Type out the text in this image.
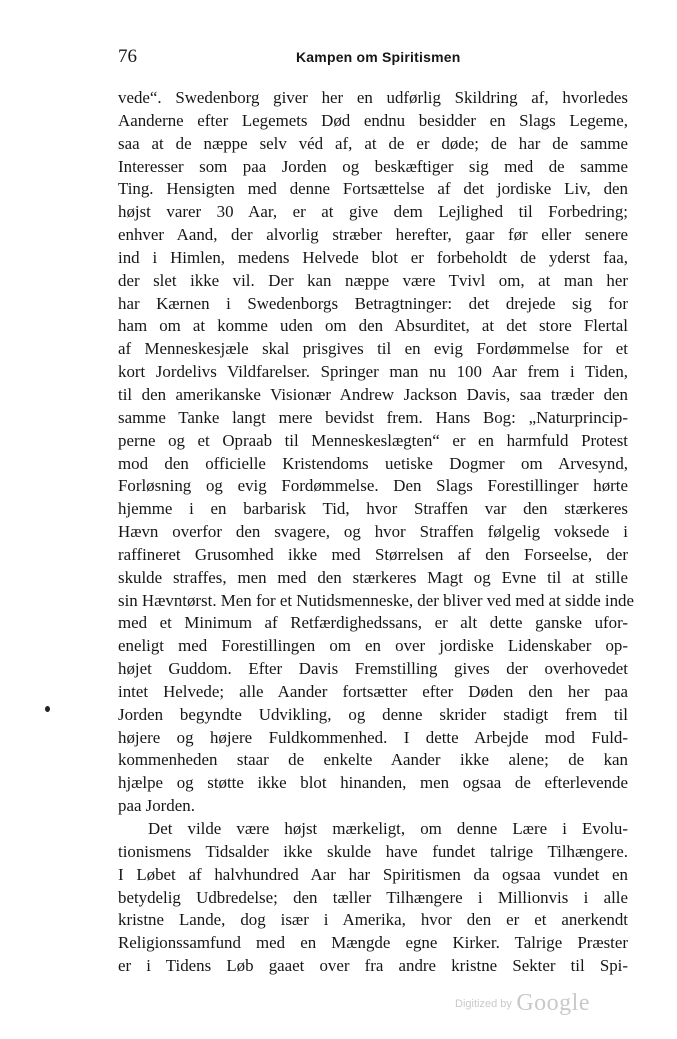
76	Kampen om Spiritismen
vede“. Swedenborg giver her en udførlig Skildring af, hvorledes
Aanderne efter Legemets Død endnu besidder en Slags Legeme,
saa at de næppe selv véd af, at de er døde; de har de samme
Interesser som paa Jorden og beskæftiger sig med de samme
Ting. Hensigten med denne Fortsættelse af det jordiske Liv, den
højst varer 30 Aar, er at give dem Lejlighed til Forbedring;
enhver Aand, der alvorlig stræber herefter, gaar før eller senere
ind i Himlen, medens Helvede blot er forbeholdt de yderst faa,
der slet ikke vil. Der kan næppe være Tvivl om, at man her
har Kærnen i Swedenborgs Betragtninger: det drejede sig for
ham om at komme uden om den Absurditet, at det store Flertal
af Menneskesjæle skal prisgives til en evig Fordømmelse for et
kort Jordelivs Vildfarelser. Springer man nu 100 Aar frem i Tiden,
til den amerikanske Visionær Andrew Jackson Davis, saa træder den
samme Tanke langt mere bevidst frem. Hans Bog: „Naturprincip-
perne og et Opraab til Menneskeslægten“ er en harmfuld Protest
mod den officielle Kristendoms uetiske Dogmer om Arvesynd,
Forløsning og evig Fordømmelse. Den Slags Forestillinger hørte
hjemme i en barbarisk Tid, hvor Straffen var den stærkeres
Hævn overfor den svagere, og hvor Straffen følgelig voksede i
raffineret Grusomhed ikke med Størrelsen af den Forseelse, der
skulde straffes, men med den stærkeres Magt og Evne til at stille
sin Hævntørst. Men for et Nutidsmenneske, der bliver ved med at sidde inde
med et Minimum af Retfærdighedssans, er alt dette ganske ufor-
eneligt med Forestillingen om en over jordiske Lidenskaber op-
højet Guddom. Efter Davis Fremstilling gives der overhovedet
intet Helvede; alle Aander fortsætter efter Døden den her paa
Jorden begyndte Udvikling, og denne skrider stadigt frem til
højere og højere Fuldkommenhed. I dette Arbejde mod Fuld-
kommenheden staar de enkelte Aander ikke alene; de kan
hjælpe og støtte ikke blot hinanden, men ogsaa de efterlevende
paa Jorden.
Det vilde være højst mærkeligt, om denne Lære i Evolu-
tionismens Tidsalder ikke skulde have fundet talrige Tilhængere.
I Løbet af halvhundred Aar har Spiritismen da ogsaa vundet en
betydelig Udbredelse; den tæller Tilhængere i Millionvis i alle
kristne Lande, dog især i Amerika, hvor den er et anerkendt
Religionssamfund med en Mængde egne Kirker. Talrige Præster
er i Tidens Løb gaaet over fra andre kristne Sekter til Spi-
Digitized by Google
